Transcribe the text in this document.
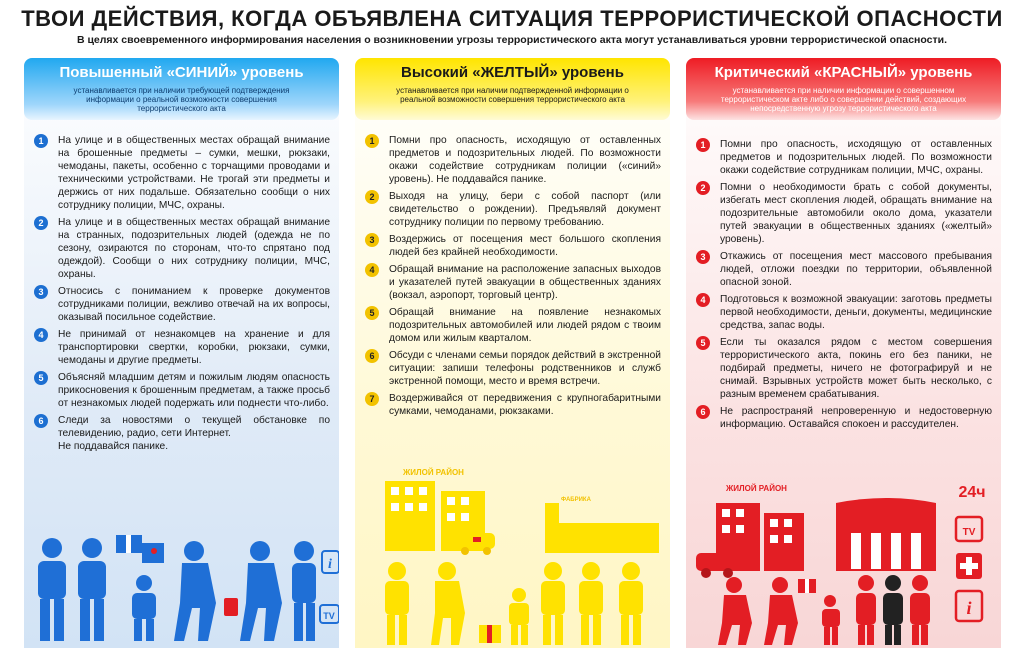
ТВОИ ДЕЙСТВИЯ, КОГДА ОБЪЯВЛЕНА СИТУАЦИЯ ТЕРРОРИСТИЧЕСКОЙ ОПАСНОСТИ
В целях своевременного информирования населения о возникновении угрозы террористического акта могут устанавливаться уровни террористической опасности.
Повышенный «СИНИЙ» уровень
устанавливается при наличии требующей подтверждения информации о реальной возможности совершения террористического акта
1	На улице и в общественных местах обращай внимание на брошенные предметы – сумки, мешки, рюкзаки, чемоданы, пакеты, особенно с торчащими проводами и техническими устройствами. Не трогай эти предметы и держись от них подальше. Обязательно сообщи о них сотруднику полиции, МЧС, охраны.
2	На улице и в общественных местах обращай внимание на странных, подозрительных людей (одежда не по сезону, озираются по сторонам, что-то спрятано под одеждой). Сообщи о них сотруднику полиции, МЧС, охраны.
3	Относись с пониманием к проверке документов сотрудниками полиции, вежливо отвечай на их вопросы, оказывай посильное содействие.
4	Не принимай от незнакомцев на хранение и для транспортировки свертки, коробки, рюкзаки, сумки, чемоданы и другие предметы.
5	Объясняй младшим детям и пожилым людям опасность прикосновения к брошенным предметам, а также просьб от незнакомых людей подержать или поднести что-либо.
6	Следи за новостями о текущей обстановке по телевидению, радио, сети Интернет.
Не поддавайся панике.
i
TV
Высокий «ЖЕЛТЫЙ» уровень
устанавливается при наличии подтвержденной информации о реальной возможности совершения террористического акта
1	Помни про опасность, исходящую от оставленных предметов и подозрительных людей. По возможности окажи содействие сотрудникам полиции («синий» уровень). Не поддавайся панике.
2	Выходя на улицу, бери с собой паспорт (или свидетельство о рождении). Предъявляй документ сотруднику полиции по первому требованию.
3	Воздержись от посещения мест большого скопления людей без крайней необходимости.
4	Обращай внимание на расположение запасных выходов и указателей путей эвакуации в общественных зданиях (вокзал, аэропорт, торговый центр).
5	Обращай внимание на появление незнакомых подозрительных автомобилей или людей рядом с твоим домом или жилым кварталом.
6	Обсуди с членами семьи порядок действий в экстренной ситуации: запиши телефоны родственников и служб экстренной помощи, место и время встречи.
7	Воздерживайся от передвижения с крупногабаритными сумками, чемоданами, рюкзаками.
ЖИЛОЙ РАЙОН
ФАБРИКА
Критический «КРАСНЫЙ» уровень
устанавливается при наличии информации о совершенном террористическом акте либо о совершении действий, создающих непосредственную угрозу террористического акта
1	Помни про опасность, исходящую от оставленных предметов и подозрительных людей. По возможности окажи содействие сотрудникам полиции, МЧС, охраны.
2	Помни о необходимости брать с собой документы, избегать мест скопления людей, обращать внимание на подозрительные автомобили около дома, указатели путей эвакуации в общественных зданиях («желтый» уровень).
3	Откажись от посещения мест массового пребывания людей, отложи поездки по территории, объявленной опасной зоной.
4	Подготовься к возможной эвакуации: заготовь предметы первой необходимости, деньги, документы, медицинские средства, запас воды.
5	Если ты оказался рядом с местом совершения террористического акта, покинь его без паники, не подбирай предметы, ничего не фотографируй и не снимай. Взрывных устройств может быть несколько, с разным временем срабатывания.
6	Не распространяй непроверенную и недостоверную информацию. Оставайся спокоен и рассудителен.
ЖИЛОЙ РАЙОН	24ч
TV
i
